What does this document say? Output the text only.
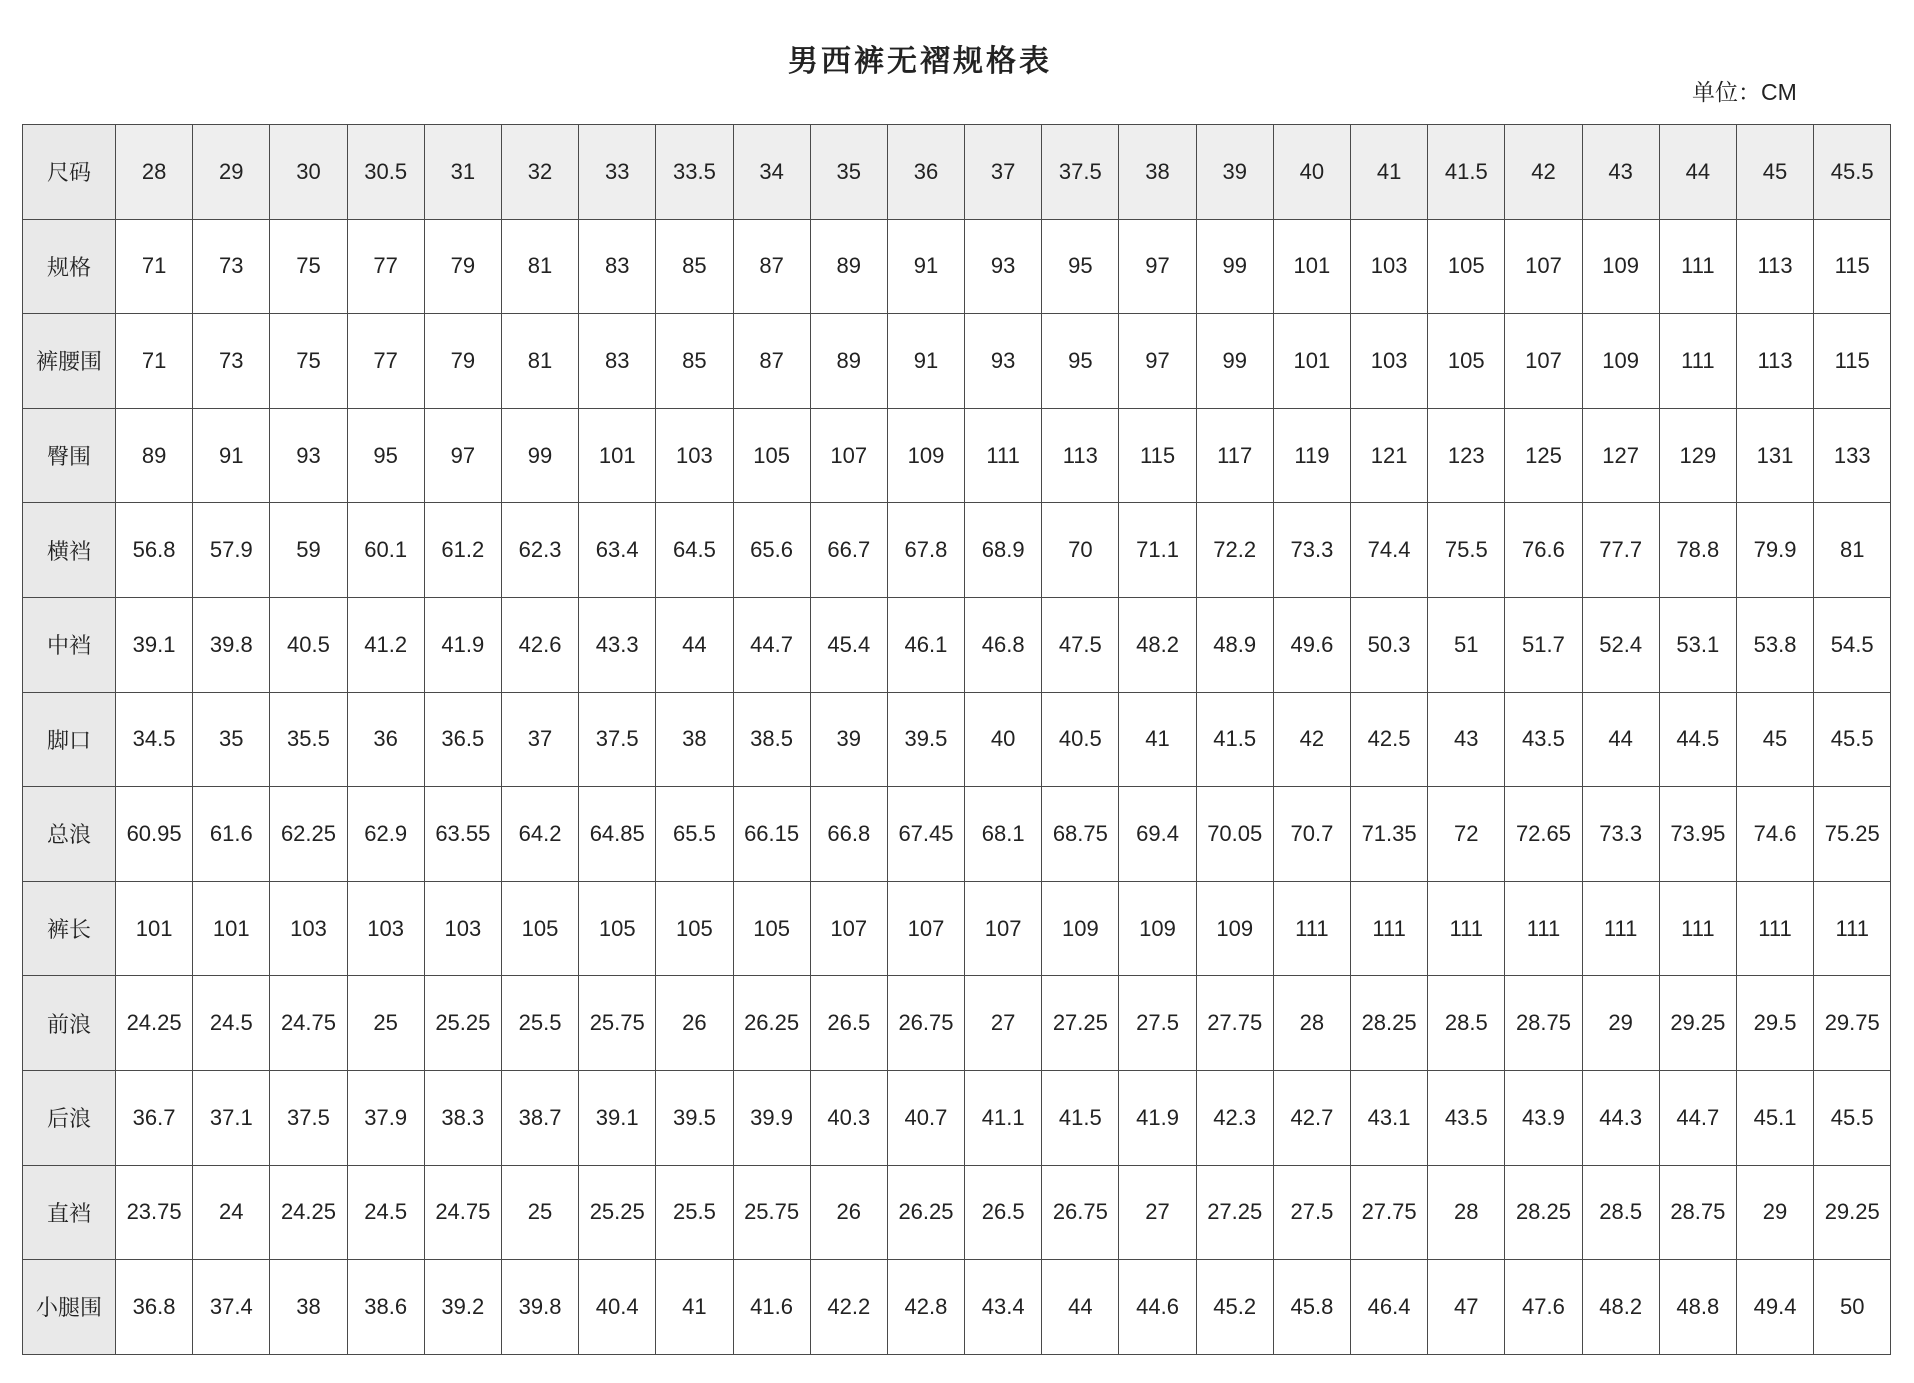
男西裤无褶规格表
单位：CM
尺码	28	29	30	30.5	31	32	33	33.5	34	35	36	37	37.5	38	39	40	41	41.5	42	43	44	45	45.5
规格	71	73	75	77	79	81	83	85	87	89	91	93	95	97	99	101	103	105	107	109	111	113	115
裤腰围	71	73	75	77	79	81	83	85	87	89	91	93	95	97	99	101	103	105	107	109	111	113	115
臀围	89	91	93	95	97	99	101	103	105	107	109	111	113	115	117	119	121	123	125	127	129	131	133
横裆	56.8	57.9	59	60.1	61.2	62.3	63.4	64.5	65.6	66.7	67.8	68.9	70	71.1	72.2	73.3	74.4	75.5	76.6	77.7	78.8	79.9	81
中裆	39.1	39.8	40.5	41.2	41.9	42.6	43.3	44	44.7	45.4	46.1	46.8	47.5	48.2	48.9	49.6	50.3	51	51.7	52.4	53.1	53.8	54.5
脚口	34.5	35	35.5	36	36.5	37	37.5	38	38.5	39	39.5	40	40.5	41	41.5	42	42.5	43	43.5	44	44.5	45	45.5
总浪	60.95	61.6	62.25	62.9	63.55	64.2	64.85	65.5	66.15	66.8	67.45	68.1	68.75	69.4	70.05	70.7	71.35	72	72.65	73.3	73.95	74.6	75.25
裤长	101	101	103	103	103	105	105	105	105	107	107	107	109	109	109	111	111	111	111	111	111	111	111
前浪	24.25	24.5	24.75	25	25.25	25.5	25.75	26	26.25	26.5	26.75	27	27.25	27.5	27.75	28	28.25	28.5	28.75	29	29.25	29.5	29.75
后浪	36.7	37.1	37.5	37.9	38.3	38.7	39.1	39.5	39.9	40.3	40.7	41.1	41.5	41.9	42.3	42.7	43.1	43.5	43.9	44.3	44.7	45.1	45.5
直裆	23.75	24	24.25	24.5	24.75	25	25.25	25.5	25.75	26	26.25	26.5	26.75	27	27.25	27.5	27.75	28	28.25	28.5	28.75	29	29.25
小腿围	36.8	37.4	38	38.6	39.2	39.8	40.4	41	41.6	42.2	42.8	43.4	44	44.6	45.2	45.8	46.4	47	47.6	48.2	48.8	49.4	50
